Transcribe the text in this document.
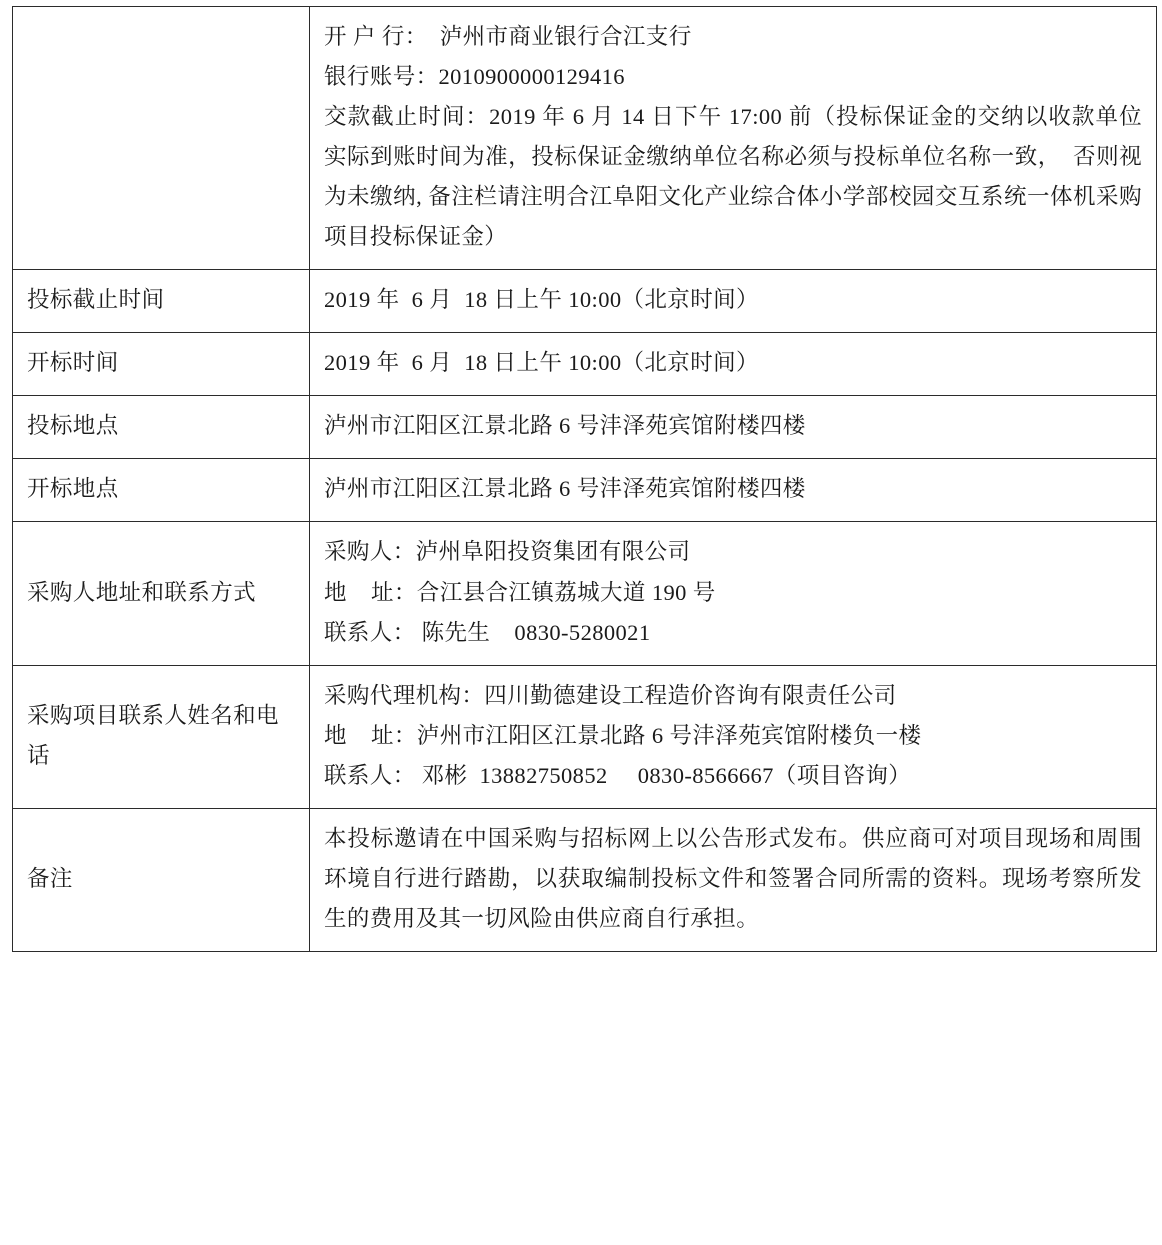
	开 户 行：  泸州市商业银行合江支行
银行账号：2010900000129416
交款截止时间：2019 年 6 月 14 日下午 17:00 前（投标保证金的交纳以收款单位实际到账时间为准，投标保证金缴纳单位名称必须与投标单位名称一致，  否则视为未缴纳, 备注栏请注明合江阜阳文化产业综合体小学部校园交互系统一体机采购项目投标保证金）

投标截止时间	2019 年  6 月  18 日上午 10:00（北京时间）

开标时间	2019 年  6 月  18 日上午 10:00（北京时间）

投标地点	泸州市江阳区江景北路 6 号沣泽苑宾馆附楼四楼

开标地点	泸州市江阳区江景北路 6 号沣泽苑宾馆附楼四楼

采购人地址和联系方式	采购人：泸州阜阳投资集团有限公司
地    址：合江县合江镇荔城大道 190 号
联系人： 陈先生    0830-5280021

采购项目联系人姓名和电话	采购代理机构：四川勤德建设工程造价咨询有限责任公司
地    址：泸州市江阳区江景北路 6 号沣泽苑宾馆附楼负一楼
联系人： 邓彬  13882750852     0830-8566667（项目咨询）

备注	本投标邀请在中国采购与招标网上以公告形式发布。供应商可对项目现场和周围环境自行进行踏勘，以获取编制投标文件和签署合同所需的资料。现场考察所发生的费用及其一切风险由供应商自行承担。
